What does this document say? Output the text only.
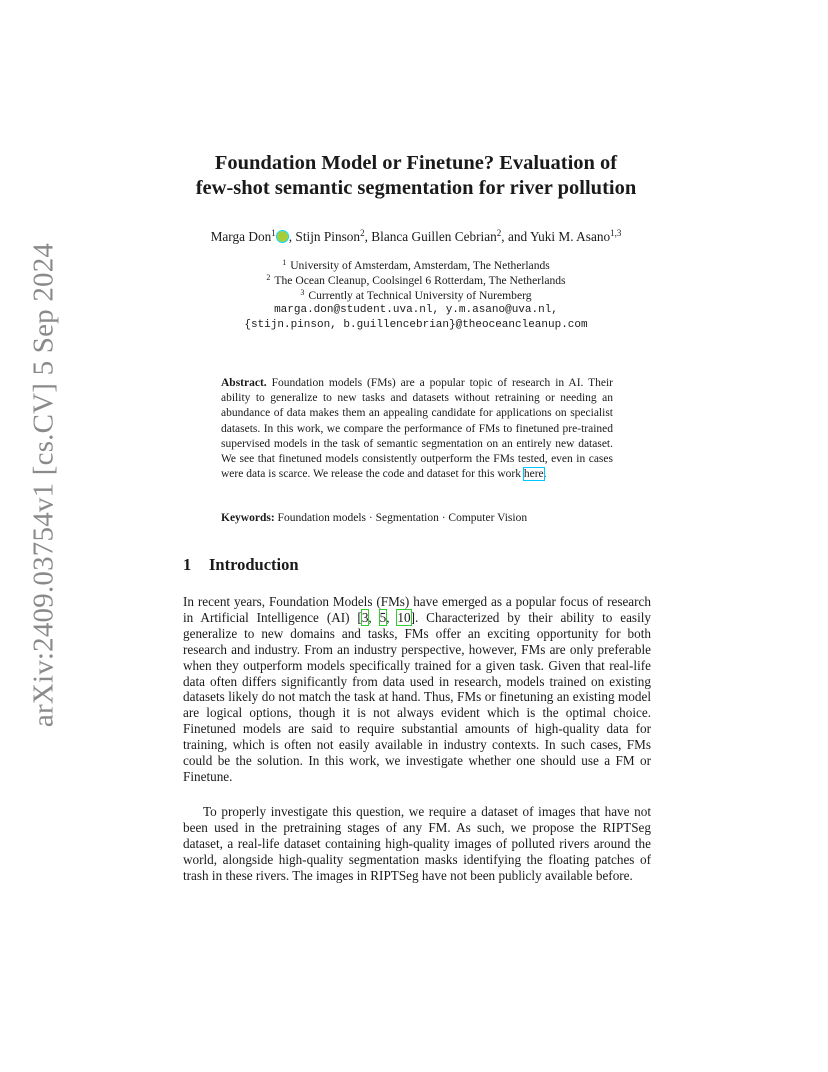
arXiv:2409.03754v1 [cs.CV] 5 Sep 2024
Foundation Model or Finetune? Evaluation of
few-shot semantic segmentation for river pollution
Marga Don$^1$ , Stijn Pinson$^2$, Blanca Guillen Cebrian$^2$, and Yuki M. Asano$^{1,3}$
$^1$ University of Amsterdam, Amsterdam, The Netherlands
$^2$ The Ocean Cleanup, Coolsingel 6 Rotterdam, The Netherlands
$^3$ Currently at Technical University of Nuremberg
marga.don@student.uva.nl, y.m.asano@uva.nl,
{stijn.pinson, b.guillencebrian}@theoceancleanup.com
Abstract. Foundation models (FMs) are a popular topic of research in AI. Their ability to generalize to new tasks and datasets without retraining or needing an abundance of data makes them an appealing candidate for applications on specialist datasets. In this work, we compare the performance of FMs to finetuned pre-trained supervised models in the task of semantic segmentation on an entirely new dataset. We see that finetuned models consistently outperform the FMs tested, even in cases were data is scarce. We release the code and dataset for this work here.
Keywords: Foundation models · Segmentation · Computer Vision
1 Introduction
In recent years, Foundation Models (FMs) have emerged as a popular focus of research in Artificial Intelligence (AI) [3, 5, 10]. Characterized by their ability to easily generalize to new domains and tasks, FMs offer an exciting opportunity for both research and industry. From an industry perspective, however, FMs are only preferable when they outperform models specifically trained for a given task. Given that real-life data often differs significantly from data used in research, models trained on existing datasets likely do not match the task at hand. Thus, FMs or finetuning an existing model are logical options, though it is not always evident which is the optimal choice. Finetuned models are said to require substantial amounts of high-quality data for training, which is often not easily available in industry contexts. In such cases, FMs could be the solution. In this work, we investigate whether one should use a FM or Finetune.
To properly investigate this question, we require a dataset of images that have not been used in the pretraining stages of any FM. As such, we propose the RIPTSeg dataset, a real-life dataset containing high-quality images of polluted rivers around the world, alongside high-quality segmentation masks identifying the floating patches of trash in these rivers. The images in RIPTSeg have not been publicly available before.
